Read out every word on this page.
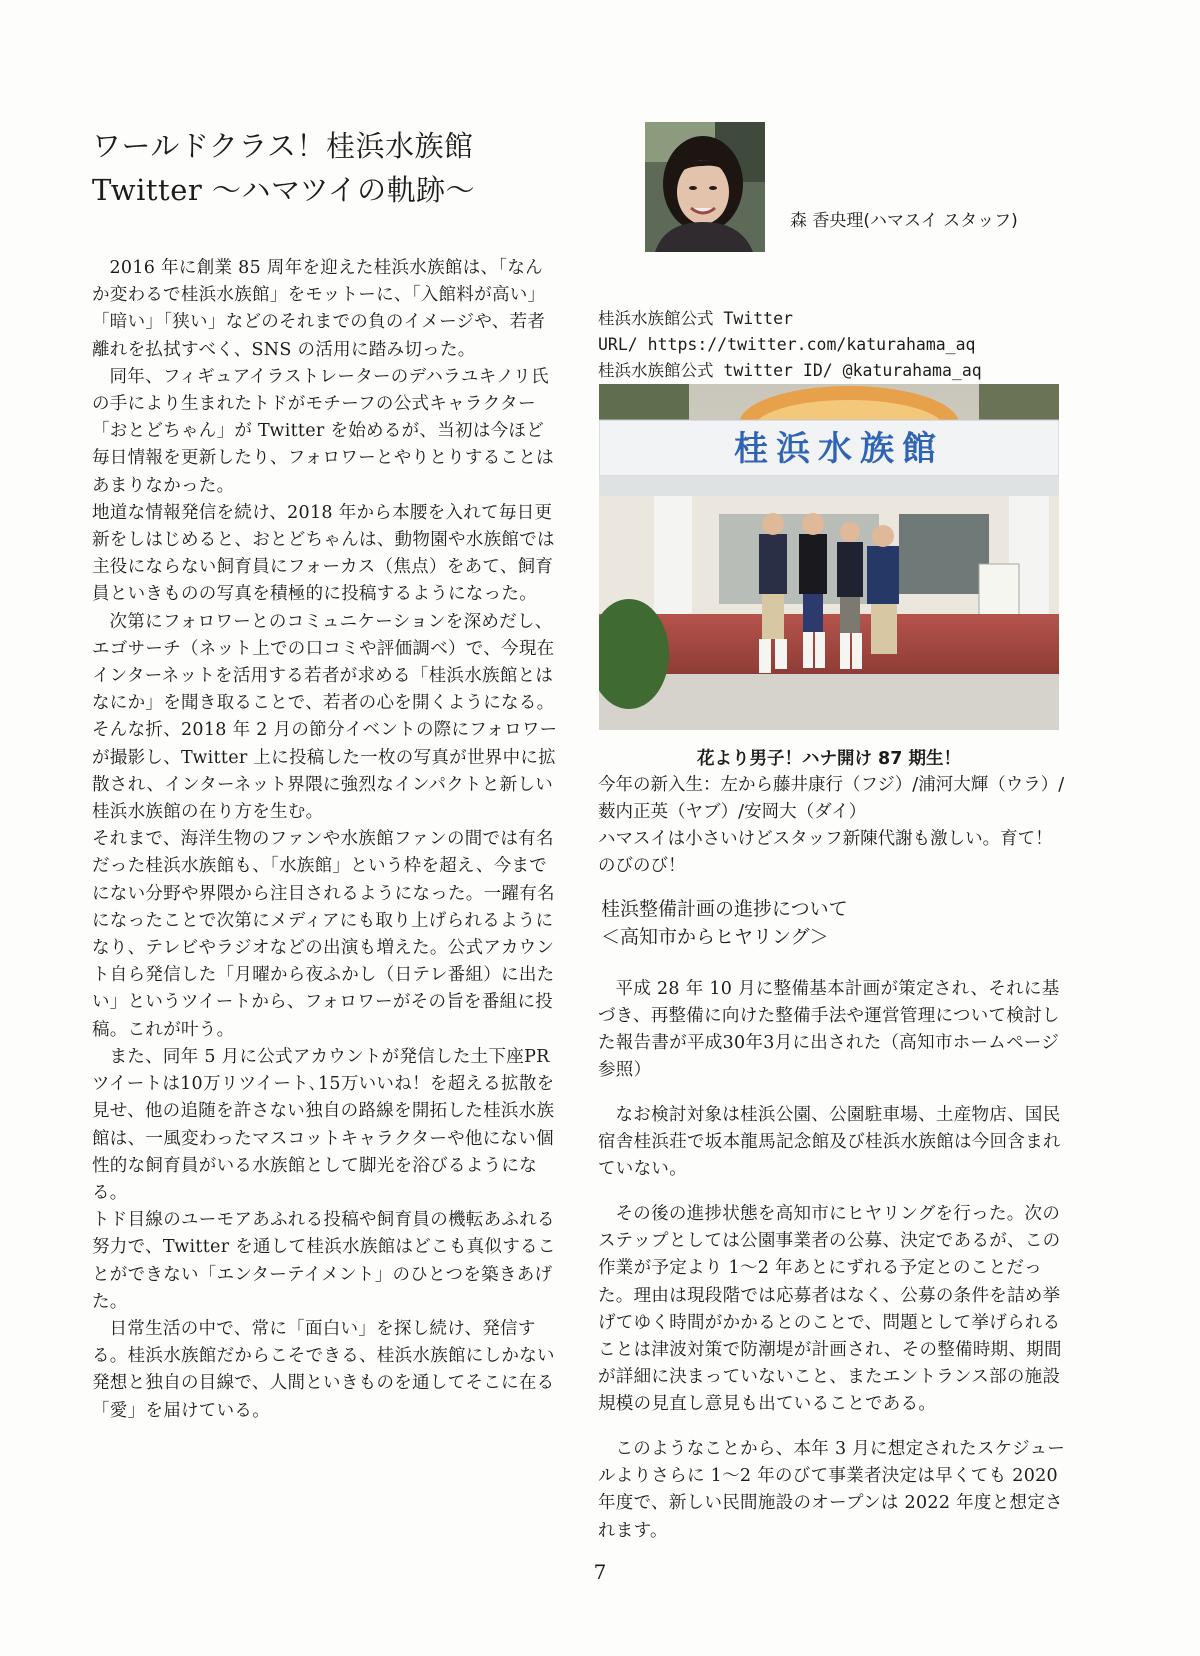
ワールドクラス！桂浜水族館
Twitter ～ハマツイの軌跡～
森 香央理(ハマスイ スタッフ)

2016 年に創業 85 周年を迎えた桂浜水族館は、「なんか変わるで桂浜水族館」をモットーに、「入館料が高い」「暗い」「狭い」などのそれまでの負のイメージや、若者離れを払拭すべく、SNS の活用に踏み切った。

同年、フィギュアイラストレーターのデハラユキノリ氏の手により生まれたトドがモチーフの公式キャラクター「おとどちゃん」が Twitter を始めるが、当初は今ほど毎日情報を更新したり、フォロワーとやりとりすることはあまりなかった。

地道な情報発信を続け、2018 年から本腰を入れて毎日更新をしはじめると、おとどちゃんは、動物園や水族館では主役にならない飼育員にフォーカス（焦点）をあて、飼育員といきものの写真を積極的に投稿するようになった。

次第にフォロワーとのコミュニケーションを深めだし、エゴサーチ（ネット上での口コミや評価調べ）で、今現在インターネットを活用する若者が求める「桂浜水族館とはなにか」を聞き取ることで、若者の心を開くようになる。

そんな折、2018 年 2 月の節分イベントの際にフォロワーが撮影し、Twitter 上に投稿した一枚の写真が世界中に拡散され、インターネット界隈に強烈なインパクトと新しい桂浜水族館の在り方を生む。

それまで、海洋生物のファンや水族館ファンの間では有名だった桂浜水族館も、「水族館」という枠を超え、今までにない分野や界隈から注目されるようになった。一躍有名になったことで次第にメディアにも取り上げられるようになり、テレビやラジオなどの出演も増えた。公式アカウント自ら発信した「月曜から夜ふかし（日テレ番組）に出たい」というツイートから、フォロワーがその旨を番組に投稿。これが叶う。

また、同年 5 月に公式アカウントが発信した土下座PRツイートは10万リツイート､15万いいね！を超える拡散を見せ、他の追随を許さない独自の路線を開拓した桂浜水族館は、一風変わったマスコットキャラクターや他にない個性的な飼育員がいる水族館として脚光を浴びるようになる。

トド目線のユーモアあふれる投稿や飼育員の機転あふれる努力で、Twitter を通して桂浜水族館はどこも真似することができない「エンターテイメント」のひとつを築きあげた。

日常生活の中で、常に「面白い」を探し続け、発信する。桂浜水族館だからこそできる、桂浜水族館にしかない発想と独自の目線で、人間といきものを通してそこに在る「愛」を届けている。

桂浜水族館公式 Twitter
URL/ https://twitter.com/katurahama_aq
桂浜水族館公式 twitter ID/ @katurahama_aq
桂浜水族館
花より男子！ハナ開け 87 期生！

今年の新入生：左から藤井康行（フジ）/浦河大輝（ウラ）/薮内正英（ヤブ）/安岡大（ダイ）

ハマスイは小さいけどスタッフ新陳代謝も激しい。育て！のびのび！

桂浜整備計画の進捗について
＜高知市からヒヤリング＞

平成 28 年 10 月に整備基本計画が策定され、それに基づき、再整備に向けた整備手法や運営管理について検討した報告書が平成30年3月に出された（高知市ホームページ参照）

なお検討対象は桂浜公園、公園駐車場、土産物店、国民宿舎桂浜荘で坂本龍馬記念館及び桂浜水族館は今回含まれていない。

その後の進捗状態を高知市にヒヤリングを行った。次のステップとしては公園事業者の公募、決定であるが、この作業が予定より 1～2 年あとにずれる予定とのことだった。理由は現段階では応募者はなく、公募の条件を詰め挙げてゆく時間がかかるとのことで、問題として挙げられることは津波対策で防潮堤が計画され、その整備時期、期間が詳細に決まっていないこと、またエントランス部の施設規模の見直し意見も出ていることである。

このようなことから、本年 3 月に想定されたスケジュールよりさらに 1～2 年のびて事業者決定は早くても 2020 年度で、新しい民間施設のオープンは 2022 年度と想定されます。

7
